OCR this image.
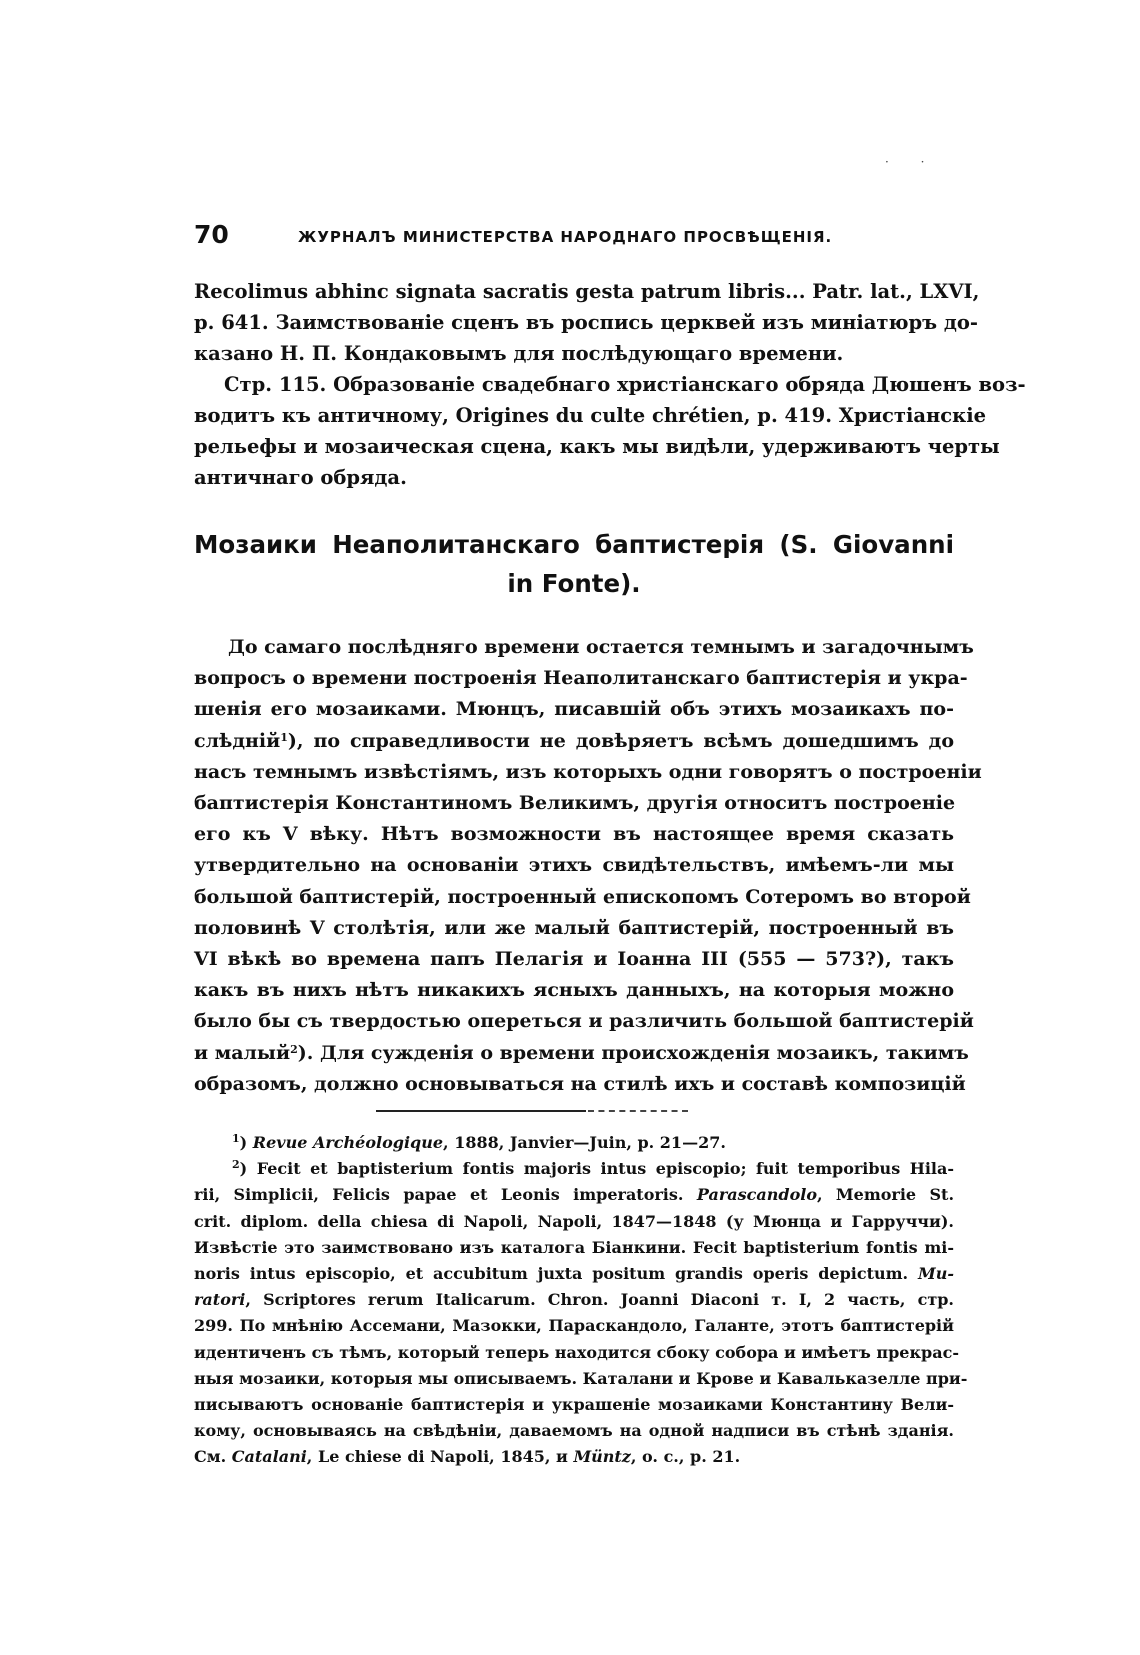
· ·
70	ЖУРНАЛЪ МИНИСТЕРСТВА НАРОДНАГО ПРОСВѢЩЕНІЯ.
Recolimus abhinc signata sacratis gesta patrum libris... Patr. lat., LXVI,
p. 641. Заимствованіе сценъ въ роспись церквей изъ миніатюръ до-
казано Н. П. Кондаковымъ для послѣдующаго времени.
Стр. 115. Образованіе свадебнаго христіанскаго обряда Дюшенъ воз-
водитъ къ античному, Origines du culte chrétien, p. 419. Христіанскіе
рельефы и мозаическая сцена, какъ мы видѣли, удерживаютъ черты
античнаго обряда.
Мозаики Неаполитанскаго баптистерія (S. Giovanni
in Fonte).
До самаго послѣдняго времени остается темнымъ и загадочнымъ
вопросъ о времени построенія Неаполитанскаго баптистерія и укра-
шенія его мозаиками. Мюнцъ, писавшій объ этихъ мозаикахъ по-
слѣдній$^1$), по справедливости не довѣряетъ всѣмъ дошедшимъ до
насъ темнымъ извѣстіямъ, изъ которыхъ одни говорятъ о построеніи
баптистерія Константиномъ Великимъ, другія относитъ построеніе
его къ V вѣку. Нѣтъ возможности въ настоящее время сказать
утвердительно на основаніи этихъ свидѣтельствъ, имѣемъ-ли мы
большой баптистерій, построенный епископомъ Сотеромъ во второй
половинѣ V столѣтія, или же малый баптистерій, построенный въ
VI вѣкѣ во времена папъ Пелагія и Іоанна III (555 — 573?), такъ
какъ въ нихъ нѣтъ никакихъ ясныхъ данныхъ, на которыя можно
было бы съ твердостью опереться и различить большой баптистерій
и малый$^2$). Для сужденія о времени происхожденія мозаикъ, такимъ
образомъ, должно основываться на стилѣ ихъ и составѣ композицій
$^1$) Revue Archéologique, 1888, Janvier—Juin, p. 21—27.
$^2$) Fecit et baptisterium fontis majoris intus episcopio; fuit temporibus Hila-
rii, Simplicii, Felicis papae et Leonis imperatoris. Parascandolo, Memorie St.
crit. diplom. della chiesa di Napoli, Napoli, 1847—1848 (у Мюнца и Гарруччи).
Извѣстіе это заимствовано изъ каталога Біанкини. Fecit baptisterium fontis mi-
noris intus episcopio, et accubitum juxta positum grandis operis depictum. Mu-
ratori, Scriptores rerum Italicarum. Chron. Joanni Diaconi т. I, 2 часть, стр.
299. По мнѣнію Ассемани, Мазокки, Параскандоло, Галанте, этотъ баптистерій
идентиченъ съ тѣмъ, который теперь находится сбоку собора и имѣетъ прекрас-
ныя мозаики, которыя мы описываемъ. Каталани и Крове и Кавальказелле при-
писываютъ основаніе баптистерія и украшеніе мозаиками Константину Вели-
кому, основываясь на свѣдѣніи, даваемомъ на одной надписи въ стѣнѣ зданія.
См. Catalani, Le chiese di Napoli, 1845, и Müntz, o. c., p. 21.
